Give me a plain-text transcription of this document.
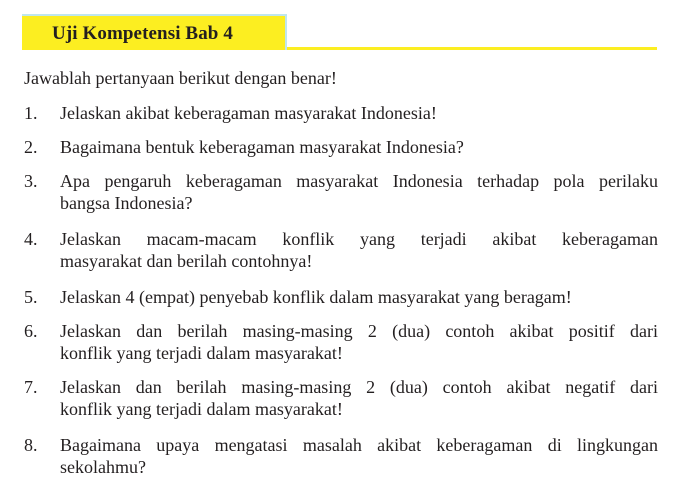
Uji Kompetensi Bab 4
Jawablah pertanyaan berikut dengan benar!
1.	Jelaskan akibat keberagaman masyarakat Indonesia!
2.	Bagaimana bentuk keberagaman masyarakat Indonesia?
3.	Apa pengaruh keberagaman masyarakat Indonesia terhadap pola perilaku
bangsa Indonesia?
4.	Jelaskan macam-macam konflik yang terjadi akibat keberagaman
masyarakat dan berilah contohnya!
5.	Jelaskan 4 (empat) penyebab konflik dalam masyarakat yang beragam!
6.	Jelaskan dan berilah masing-masing 2 (dua) contoh akibat positif dari
konflik yang terjadi dalam masyarakat!
7.	Jelaskan dan berilah masing-masing 2 (dua) contoh akibat negatif dari
konflik yang terjadi dalam masyarakat!
8.	Bagaimana upaya mengatasi masalah akibat keberagaman di lingkungan
sekolahmu?
